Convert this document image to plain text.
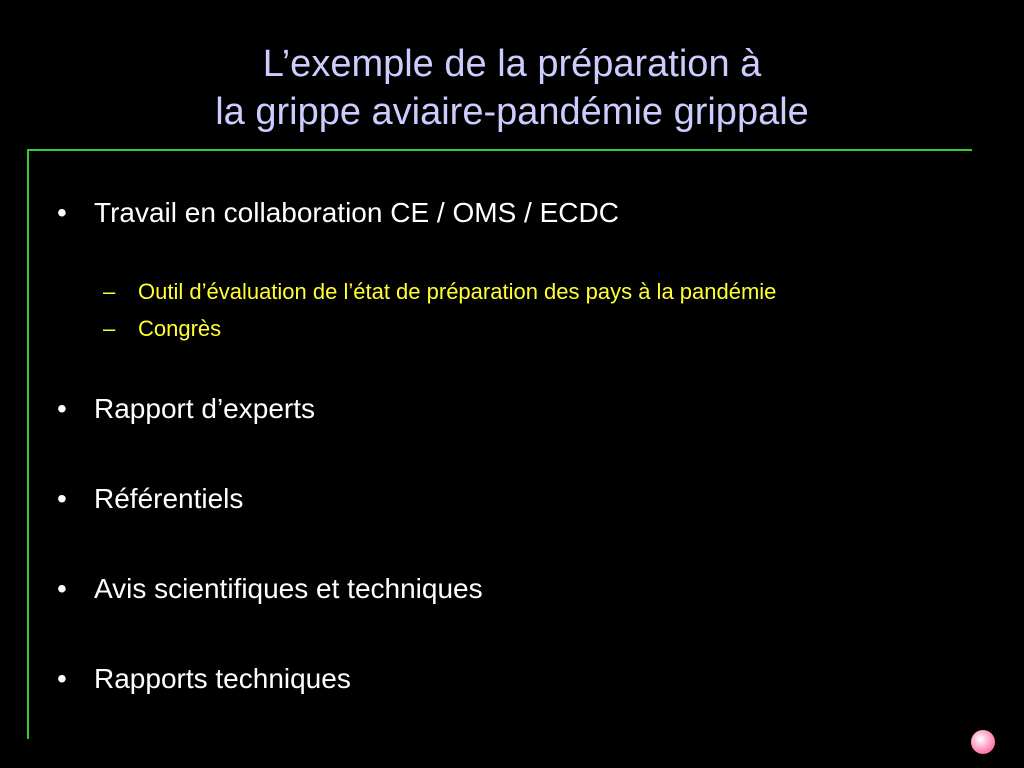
L’exemple de la préparation à
la grippe aviaire-pandémie grippale
• Travail en collaboration CE / OMS / ECDC
– Outil d’évaluation de l’état de préparation des pays à la pandémie
– Congrès
• Rapport d’experts
• Référentiels
• Avis scientifiques et techniques
• Rapports techniques
